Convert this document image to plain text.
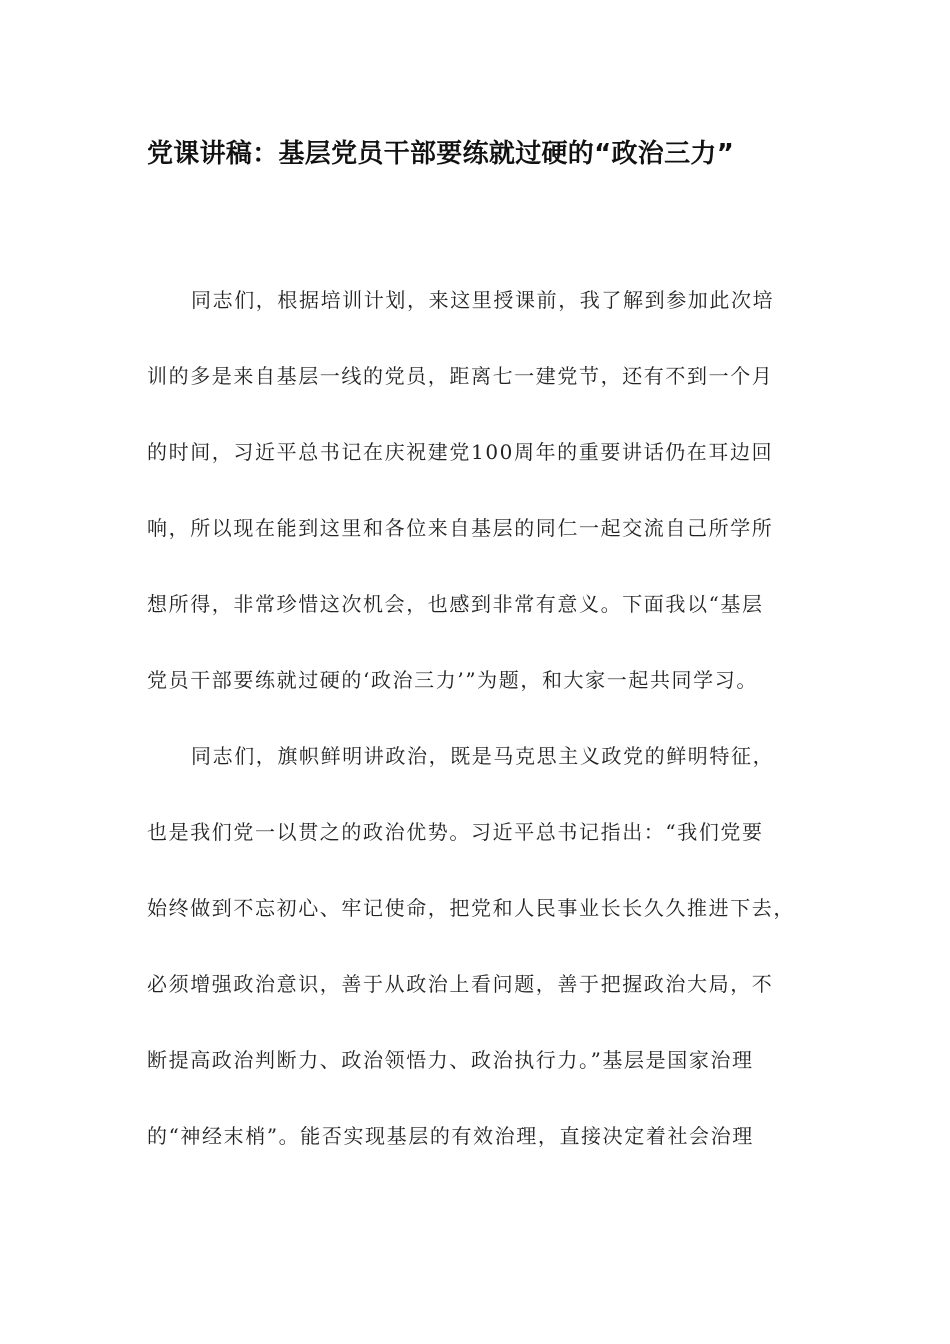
党课讲稿：基层党员干部要练就过硬的“政治三力”
同志们，根据培训计划，来这里授课前，我了解到参加此次培
训的多是来自基层一线的党员，距离七一建党节，还有不到一个月
的时间，习近平总书记在庆祝建党100周年的重要讲话仍在耳边回
响，所以现在能到这里和各位来自基层的同仁一起交流自己所学所
想所得，非常珍惜这次机会，也感到非常有意义。下面我以“基层
党员干部要练就过硬的‘政治三力’”为题，和大家一起共同学习。
同志们，旗帜鲜明讲政治，既是马克思主义政党的鲜明特征，
也是我们党一以贯之的政治优势。习近平总书记指出：“我们党要
始终做到不忘初心、牢记使命，把党和人民事业长长久久推进下去，
必须增强政治意识，善于从政治上看问题，善于把握政治大局，不
断提高政治判断力、政治领悟力、政治执行力。”基层是国家治理
的“神经末梢”。能否实现基层的有效治理，直接决定着社会治理
